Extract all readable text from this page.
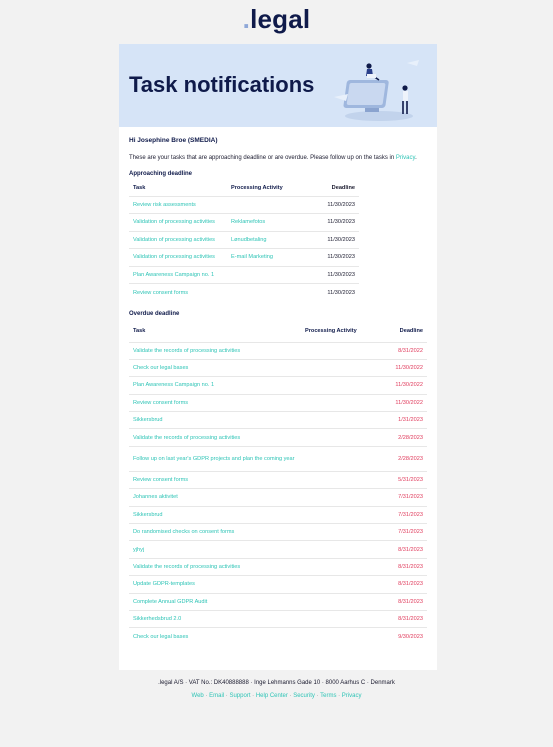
.legal
Task notifications
Hi Josephine Broe (SMEDIA)
These are your tasks that are approaching deadline or are overdue. Please follow up on the tasks in Privacy.
Approaching deadline
Task	Processing Activity	Deadline
Review risk assessments		11/30/2023
Validation of processing activities	Reklamefotos	11/30/2023
Validation of processing activities	Lønudbetaling	11/30/2023
Validation of processing activities	E-mail Marketing	11/30/2023
Plan Awareness Campaign no. 1		11/30/2023
Review consent forms		11/30/2023
Overdue deadline
Task	Processing Activity	Deadline
Validate the records of processing activities		8/31/2022
Check our legal bases		11/30/2022
Plan Awareness Campaign no. 1		11/30/2022
Review consent forms		11/30/2022
Sikkersbrud		1/31/2023
Validate the records of processing activities		2/28/2023
Follow up on last year's GDPR projects and plan the coming year		2/28/2023
Review consent forms		5/31/2023
Johannes aktivitet		7/31/2023
Sikkersbrud		7/31/2023
Do randomised checks on consent forms		7/31/2023
yjhyj		8/31/2023
Validate the records of processing activities		8/31/2023
Update GDPR-templates		8/31/2023
Complete Annual GDPR Audit		8/31/2023
Sikkerhedsbrud 2.0		8/31/2023
Check our legal bases		9/30/2023
.legal A/S · VAT No.: DK40888888 · Inge Lehmanns Gade 10 · 8000 Aarhus C · Denmark
Web · Email · Support · Help Center · Security · Terms · Privacy
